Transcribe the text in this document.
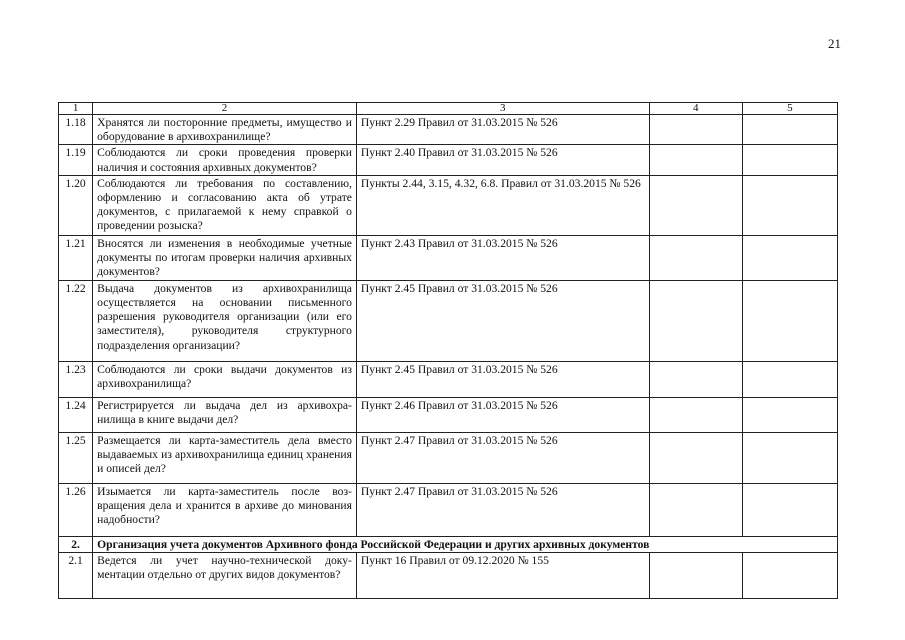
21
1	2	3	4	5
1.18	Хранятся ли посторонние предметы, имущество и оборудование в архивохранилище?	Пункт 2.29 Правил от 31.03.2015 № 526		
1.19	Соблюдаются ли сроки проведения проверки наличия и состояния архивных документов?	Пункт 2.40 Правил от 31.03.2015 № 526		
1.20	Соблюдаются ли требования по составлению, оформлению и согласованию акта об утрате документов, с прилагаемой к нему справкой о проведении розыска?	Пункты 2.44, 3.15, 4.32, 6.8. Правил от 31.03.2015 № 526		
1.21	Вносятся ли изменения в необходимые учетные документы по итогам проверки наличия архивных документов?	Пункт 2.43 Правил от 31.03.2015 № 526		
1.22	Выдача документов из архивохранилища осуществляется на основании письменного разрешения руководителя организации (или его заместителя), руководителя структурного подразделения организации?	Пункт 2.45 Правил от 31.03.2015 № 526		
1.23	Соблюдаются ли сроки выдачи документов из архивохранилища?	Пункт 2.45 Правил от 31.03.2015 № 526		
1.24	Регистрируется ли выдача дел из архивохранилища в книге выдачи дел?	Пункт 2.46 Правил от 31.03.2015 № 526		
1.25	Размещается ли карта-заместитель дела вместо выдаваемых из архивохранилища единиц хранения и описей дел?	Пункт 2.47 Правил от 31.03.2015 № 526		
1.26	Изымается ли карта-заместитель после возвращения дела и хранится в архиве до минования надобности?	Пункт 2.47 Правил от 31.03.2015 № 526		
2.	Организация учета документов Архивного фонда Российской Федерации и других архивных документов			
2.1	Ведется ли учет научно-технической документации отдельно от других видов документов?	Пункт 16 Правил от 09.12.2020 № 155		
